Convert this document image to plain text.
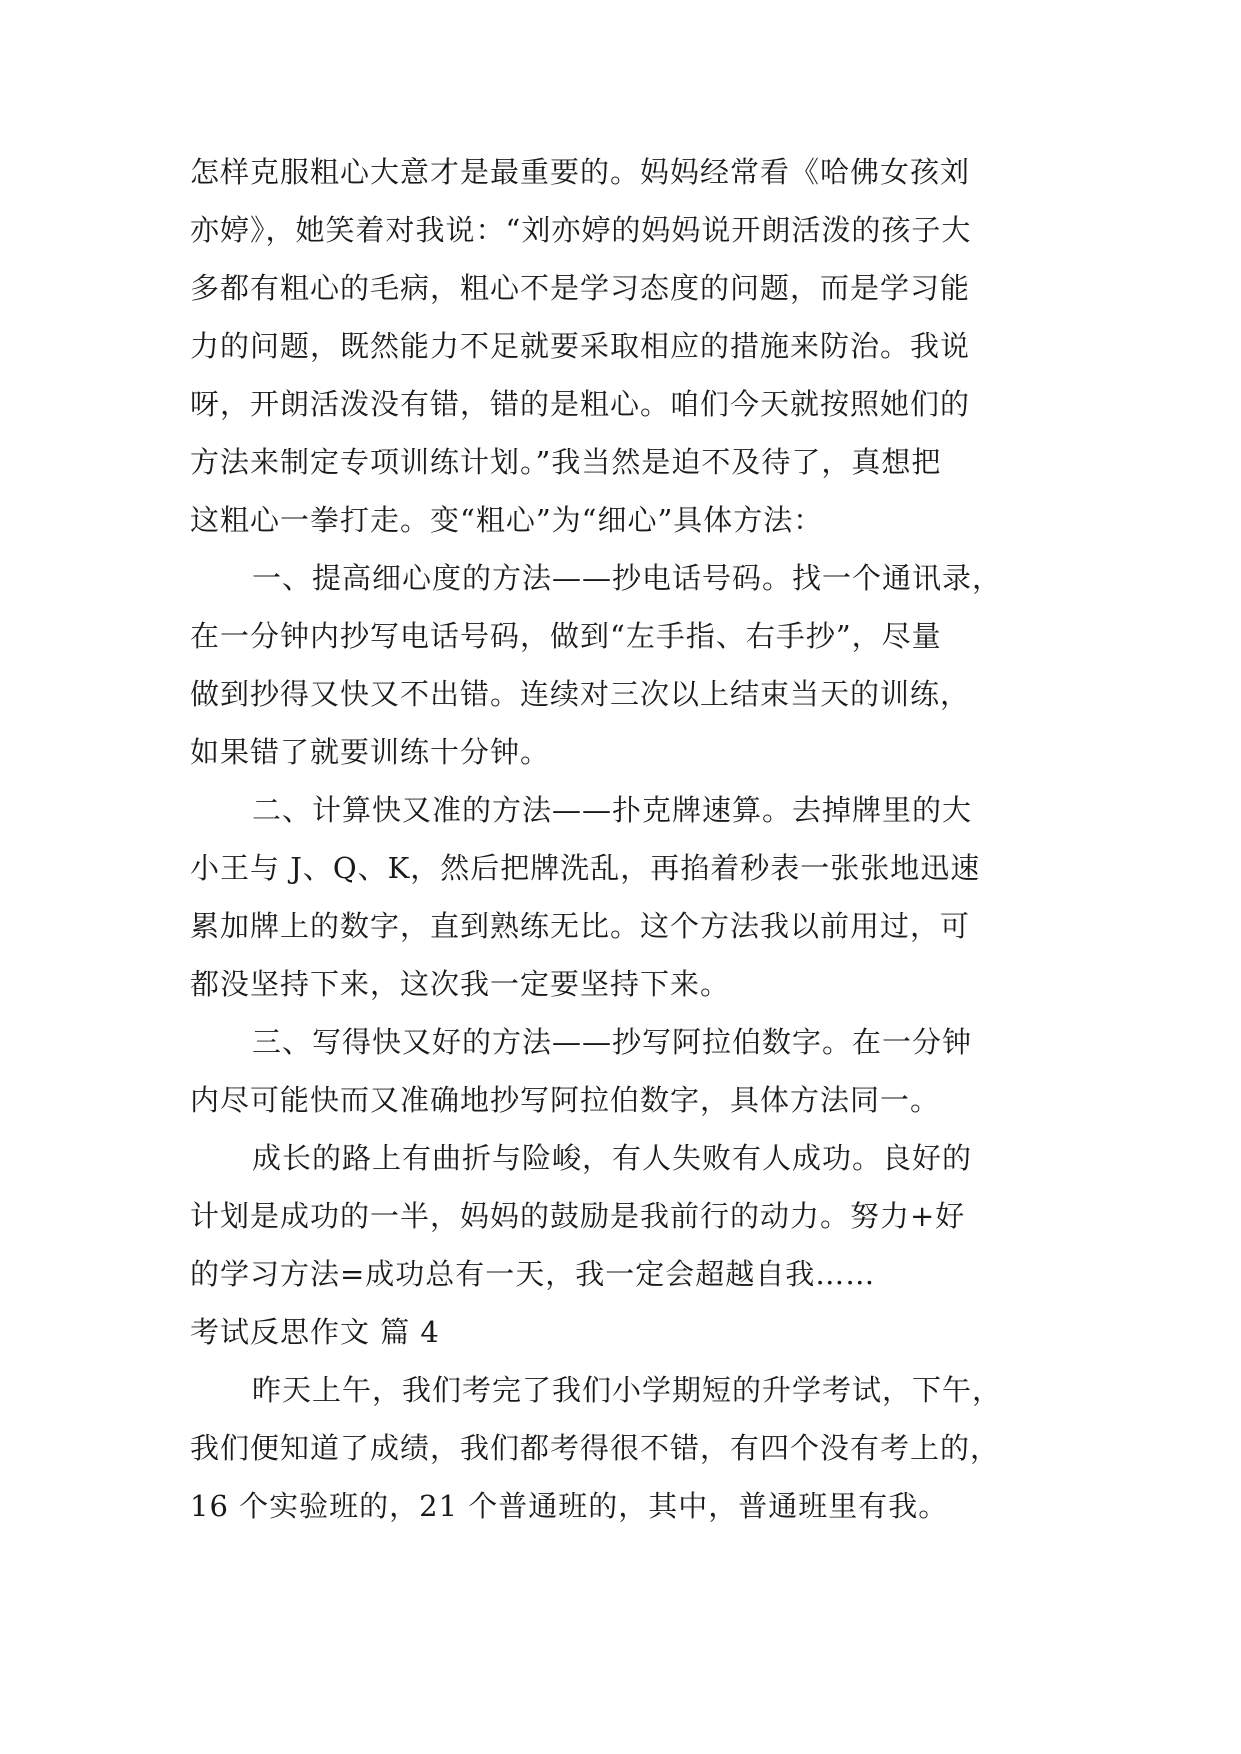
怎样克服粗心大意才是最重要的。妈妈经常看《哈佛女孩刘
亦婷》，她笑着对我说：“刘亦婷的妈妈说开朗活泼的孩子大
多都有粗心的毛病，粗心不是学习态度的问题，而是学习能
力的问题，既然能力不足就要采取相应的措施来防治。我说
呀，开朗活泼没有错，错的是粗心。咱们今天就按照她们的
方法来制定专项训练计划。”我当然是迫不及待了，真想把
这粗心一拳打走。变“粗心”为“细心”具体方法：
一、提高细心度的方法——抄电话号码。找一个通讯录，
在一分钟内抄写电话号码，做到“左手指、右手抄”，尽量
做到抄得又快又不出错。连续对三次以上结束当天的训练，
如果错了就要训练十分钟。
二、计算快又准的方法——扑克牌速算。去掉牌里的大
小王与 J、Q、K，然后把牌洗乱，再掐着秒表一张张地迅速
累加牌上的数字，直到熟练无比。这个方法我以前用过，可
都没坚持下来，这次我一定要坚持下来。
三、写得快又好的方法——抄写阿拉伯数字。在一分钟
内尽可能快而又准确地抄写阿拉伯数字，具体方法同一。
成长的路上有曲折与险峻，有人失败有人成功。良好的
计划是成功的一半，妈妈的鼓励是我前行的动力。努力+好
的学习方法=成功总有一天，我一定会超越自我……
考试反思作文 篇 4
昨天上午，我们考完了我们小学期短的升学考试，下午，
我们便知道了成绩，我们都考得很不错，有四个没有考上的，
16 个实验班的，21 个普通班的，其中，普通班里有我。
